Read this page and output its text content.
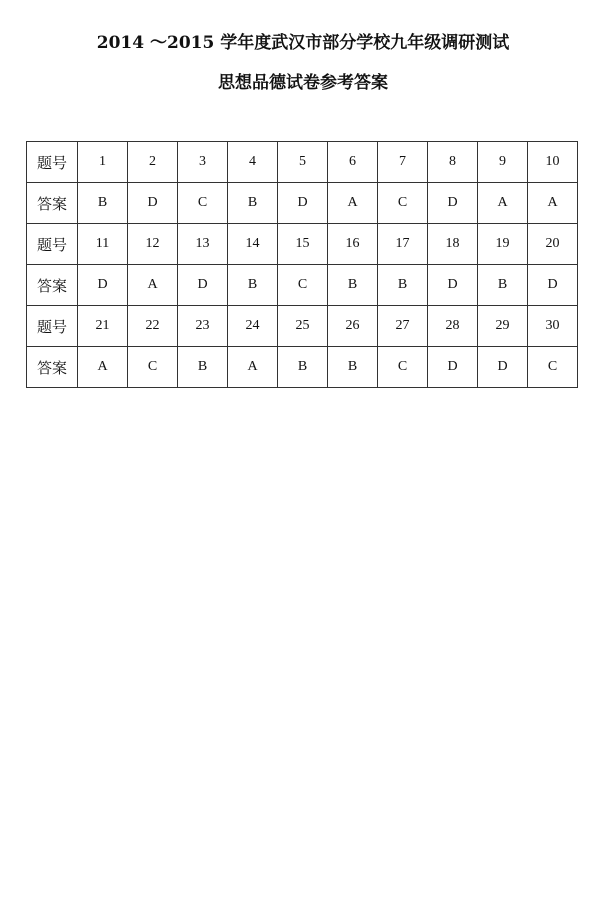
2014 ～2015 学年度武汉市部分学校九年级调研测试
思想品德试卷参考答案
题号	1	2	3	4	5	6	7	8	9	10
答案	B	D	C	B	D	A	C	D	A	A
题号	11	12	13	14	15	16	17	18	19	20
答案	D	A	D	B	C	B	B	D	B	D
题号	21	22	23	24	25	26	27	28	29	30
答案	A	C	B	A	B	B	C	D	D	C
